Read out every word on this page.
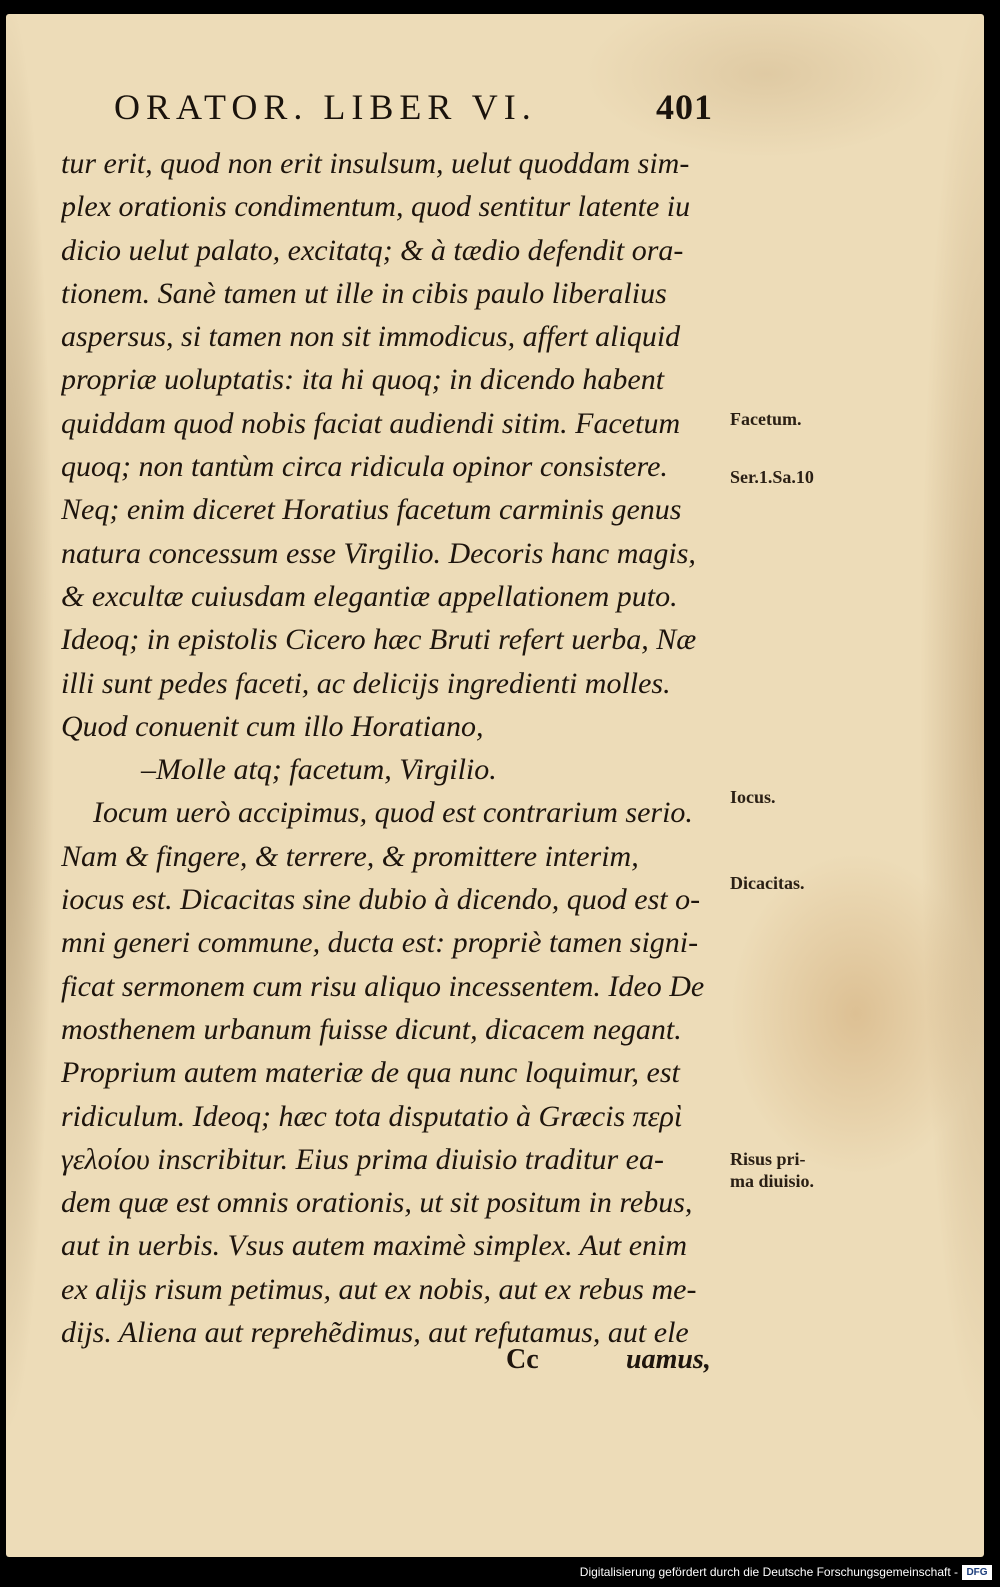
ORATOR. LIBER VI.	401
tur erit, quod non erit insulsum, uelut quoddam sim-
plex orationis condimentum, quod sentitur latente iu
dicio uelut palato, excitatq; & à tædio defendit ora-
tionem. Sanè tamen ut ille in cibis paulo liberalius
aspersus, si tamen non sit immodicus, affert aliquid
propriæ uoluptatis: ita hi quoq; in dicendo habent
quiddam quod nobis faciat audiendi sitim. Facetum
quoq; non tantùm circa ridicula opinor consistere.
Neq; enim diceret Horatius facetum carminis genus
natura concessum esse Virgilio. Decoris hanc magis,
& excultæ cuiusdam elegantiæ appellationem puto.
Ideoq; in epistolis Cicero hæc Bruti refert uerba, Næ
illi sunt pedes faceti, ac delicijs ingredienti molles.
Quod conuenit cum illo Horatiano,
–Molle atq; facetum, Virgilio.
Iocum uerò accipimus, quod est contrarium serio.
Nam & fingere, & terrere, & promittere interim,
iocus est. Dicacitas sine dubio à dicendo, quod est o-
mni generi commune, ducta est: propriè tamen signi-
ficat sermonem cum risu aliquo incessentem. Ideo De
mosthenem urbanum fuisse dicunt, dicacem negant.
Proprium autem materiæ de qua nunc loquimur, est
ridiculum. Ideoq; hæc tota disputatio à Græcis περὶ
γελοίου inscribitur. Eius prima diuisio traditur ea-
dem quæ est omnis orationis, ut sit positum in rebus,
aut in uerbis. Vsus autem maximè simplex. Aut enim
ex alijs risum petimus, aut ex nobis, aut ex rebus me-
dijs. Aliena aut reprehẽdimus, aut refutamus, aut ele
Facetum.
Ser.1.Sa.10
Iocus.
Dicacitas.
Risus pri-
ma diuisio.
Cc	uamus,
Digitalisierung gefördert durch die Deutsche Forschungsgemeinschaft - DFG
